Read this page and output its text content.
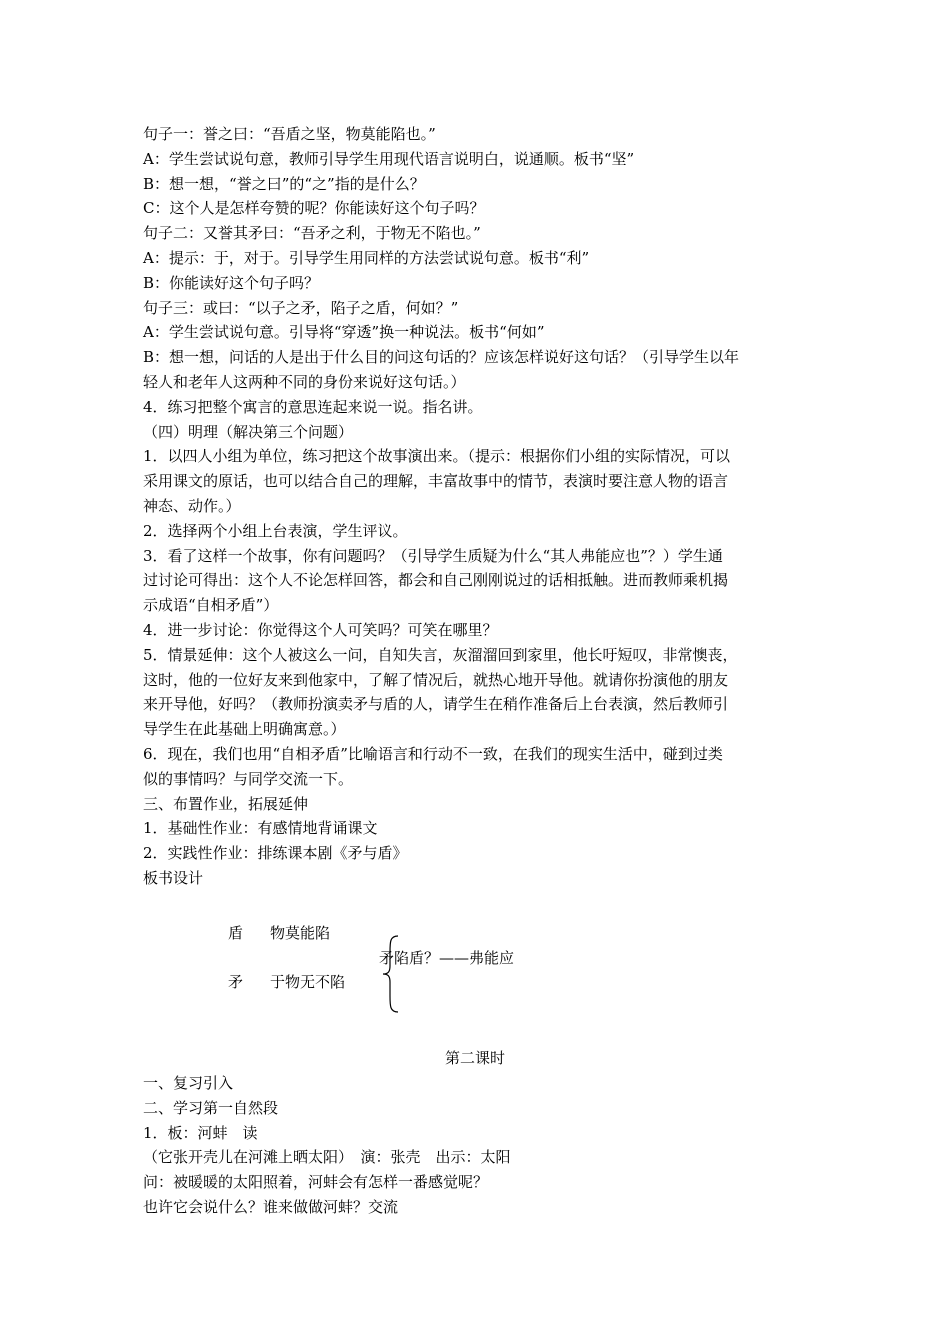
句子一：誉之曰：“吾盾之坚，物莫能陷也。”
A：学生尝试说句意，教师引导学生用现代语言说明白，说通顺。板书“坚”
B：想一想，“誉之曰”的“之”指的是什么？
C：这个人是怎样夸赞的呢？你能读好这个句子吗？
句子二：又誉其矛曰：“吾矛之利，于物无不陷也。”
A：提示：于，对于。引导学生用同样的方法尝试说句意。板书“利”
B：你能读好这个句子吗？
句子三：或曰：“以子之矛，陷子之盾，何如？”
A：学生尝试说句意。引导将“穿透”换一种说法。板书“何如”
B：想一想，问话的人是出于什么目的问这句话的？应该怎样说好这句话？（引导学生以年
轻人和老年人这两种不同的身份来说好这句话。）
4．练习把整个寓言的意思连起来说一说。指名讲。
（四）明理（解决第三个问题）
1．以四人小组为单位，练习把这个故事演出来。（提示：根据你们小组的实际情况，可以
采用课文的原话，也可以结合自己的理解，丰富故事中的情节，表演时要注意人物的语言
神态、动作。）
2．选择两个小组上台表演，学生评议。
3．看了这样一个故事，你有问题吗？（引导学生质疑为什么“其人弗能应也”？）学生通
过讨论可得出：这个人不论怎样回答，都会和自己刚刚说过的话相抵触。进而教师乘机揭
示成语“自相矛盾”）
4．进一步讨论：你觉得这个人可笑吗？可笑在哪里？
5．情景延伸：这个人被这么一问，自知失言，灰溜溜回到家里，他长吁短叹，非常懊丧，
这时，他的一位好友来到他家中，了解了情况后，就热心地开导他。就请你扮演他的朋友
来开导他，好吗？（教师扮演卖矛与盾的人，请学生在稍作准备后上台表演，然后教师引
导学生在此基础上明确寓意。）
6．现在，我们也用“自相矛盾”比喻语言和行动不一致，在我们的现实生活中，碰到过类
似的事情吗？与同学交流一下。
三、布置作业，拓展延伸
1．基础性作业：有感情地背诵课文
2．实践性作业：排练课本剧《矛与盾》
板书设计
盾 物莫能陷
矛陷盾？——弗能应
矛 于物无不陷
第二课时
一、复习引入
二、学习第一自然段
1．板：河蚌　读
（它张开壳儿在河滩上晒太阳）　演：张壳　出示：太阳
问：被暖暖的太阳照着，河蚌会有怎样一番感觉呢？
也许它会说什么？谁来做做河蚌？交流
